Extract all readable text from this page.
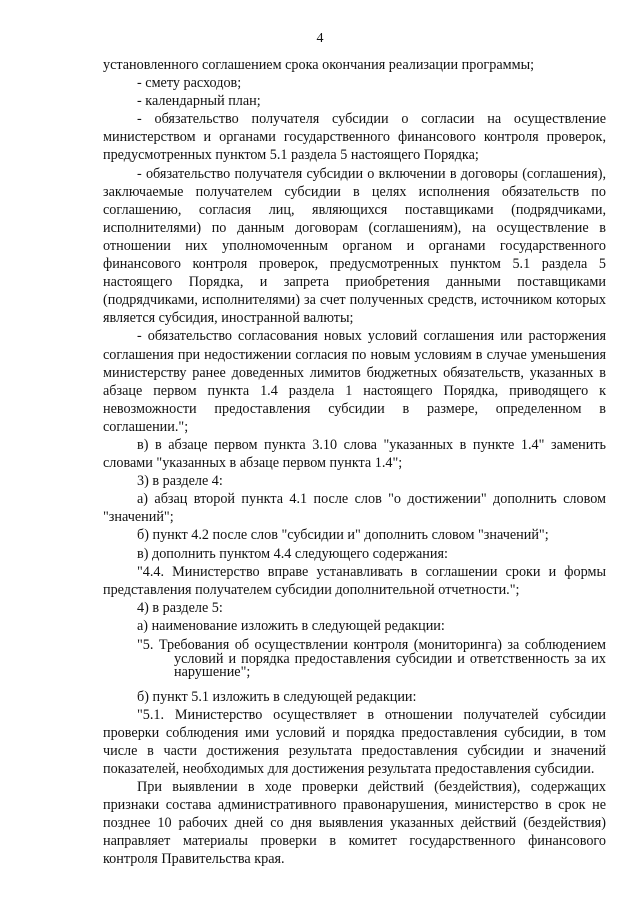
4

установленного соглашением срока окончания реализации программы;

- смету расходов;

- календарный план;

- обязательство получателя субсидии о согласии на осуществление министерством и органами государственного финансового контроля проверок, предусмотренных пунктом 5.1 раздела 5 настоящего Порядка;

- обязательство получателя субсидии о включении в договоры (соглашения), заключаемые получателем субсидии в целях исполнения обязательств по соглашению, согласия лиц, являющихся поставщиками (подрядчиками, исполнителями) по данным договорам (соглашениям), на осуществление в отношении них уполномоченным органом и органами государственного финансового контроля проверок, предусмотренных пунктом 5.1 раздела 5 настоящего Порядка, и запрета приобретения данными поставщиками (подрядчиками, исполнителями) за счет полученных средств, источником которых является субсидия, иностранной валюты;

- обязательство согласования новых условий соглашения или расторжения соглашения при недостижении согласия по новым условиям в случае уменьшения министерству ранее доведенных лимитов бюджетных обязательств, указанных в абзаце первом пункта 1.4 раздела 1 настоящего Порядка, приводящего к невозможности предоставления субсидии в размере, определенном в соглашении.";

в) в абзаце первом пункта 3.10 слова "указанных в пункте 1.4" заменить словами "указанных в абзаце первом пункта 1.4";

3) в разделе 4:

а) абзац второй пункта 4.1 после слов "о достижении" дополнить словом "значений";

б) пункт 4.2 после слов "субсидии и" дополнить словом "значений";

в) дополнить пунктом 4.4 следующего содержания:

"4.4. Министерство вправе устанавливать в соглашении сроки и формы представления получателем субсидии дополнительной отчетности.";

4) в разделе 5:

а) наименование изложить в следующей редакции:

"5. Требования об осуществлении контроля (мониторинга) за соблюдением условий и порядка предоставления субсидии и ответственность за их нарушение";

б) пункт 5.1 изложить в следующей редакции:

"5.1. Министерство осуществляет в отношении получателей субсидии проверки соблюдения ими условий и порядка предоставления субсидии, в том числе в части достижения результата предоставления субсидии и значений показателей, необходимых для достижения результата предоставления субсидии.

При выявлении в ходе проверки действий (бездействия), содержащих признаки состава административного правонарушения, министерство в срок не позднее 10 рабочих дней со дня выявления указанных действий (бездействия) направляет материалы проверки в комитет государственного финансового контроля Правительства края.
